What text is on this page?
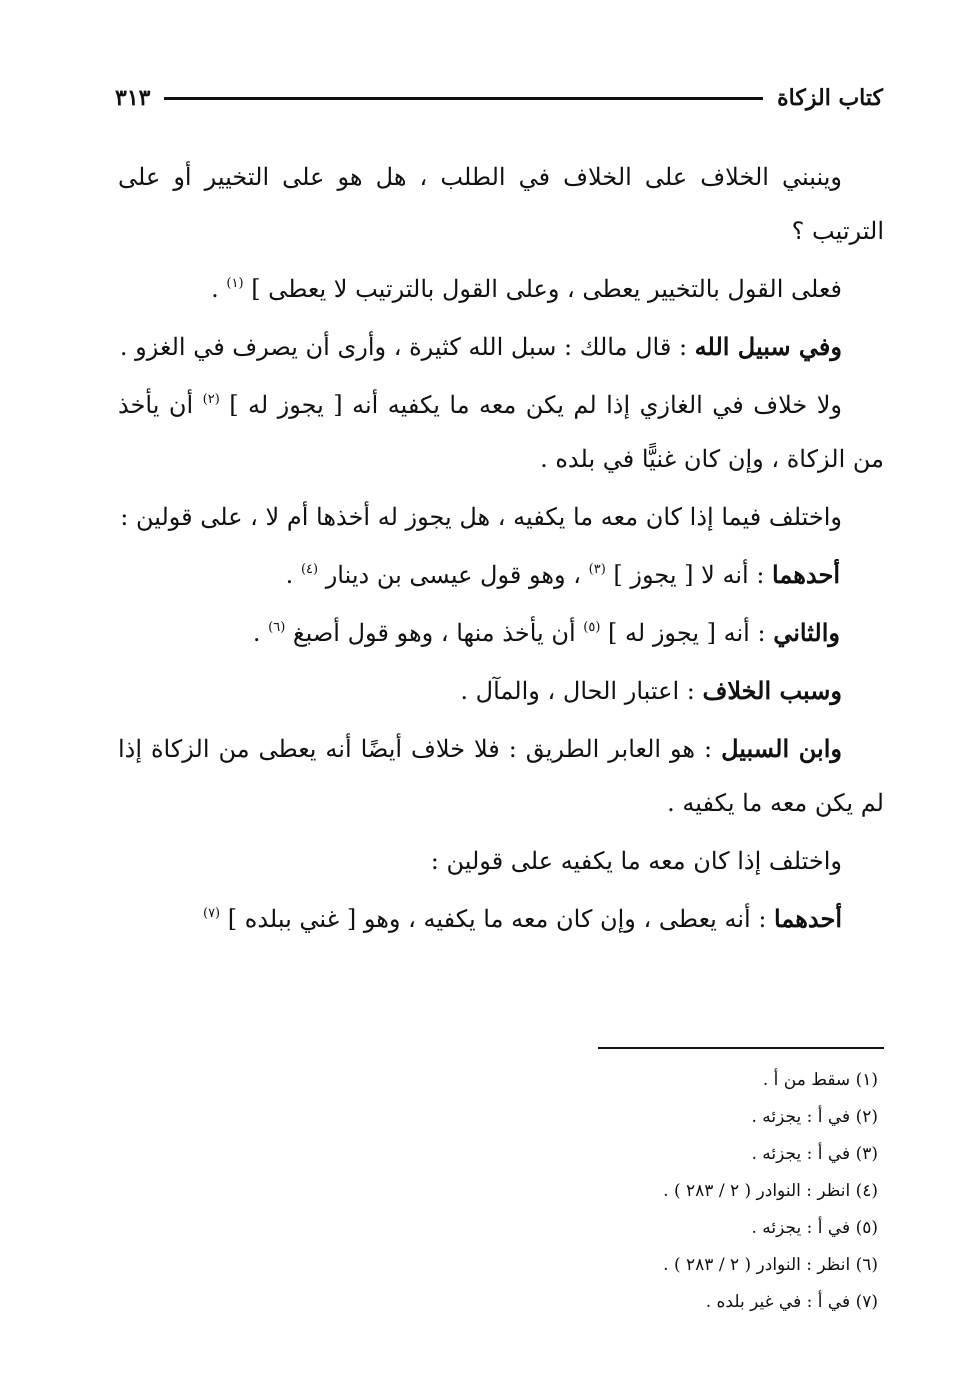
كتاب الزكاة
٣١٣

وينبني الخلاف على الخلاف في الطلب ، هل هو على التخيير أو على الترتيب ؟

فعلى القول بالتخيير يعطى ، وعلى القول بالترتيب لا يعطى ] $^{(١)}$ .

وفي سبيل الله : قال مالك : سبل الله كثيرة ، وأرى أن يصرف في الغزو .

ولا خلاف في الغازي إذا لم يكن معه ما يكفيه أنه [ يجوز له ] $^{(٢)}$ أن يأخذ من الزكاة ، وإن كان غنيًّا في بلده .

واختلف فيما إذا كان معه ما يكفيه ، هل يجوز له أخذها أم لا ، على قولين :

أحدهما : أنه لا [ يجوز ] $^{(٣)}$ ، وهو قول عيسى بن دينار $^{(٤)}$ .

والثاني : أنه [ يجوز له ] $^{(٥)}$ أن يأخذ منها ، وهو قول أصبغ $^{(٦)}$ .

وسبب الخلاف : اعتبار الحال ، والمآل .

وابن السبيل : هو العابر الطريق : فلا خلاف أيضًا أنه يعطى من الزكاة إذا لم يكن معه ما يكفيه .

واختلف إذا كان معه ما يكفيه على قولين :

أحدهما : أنه يعطى ، وإن كان معه ما يكفيه ، وهو [ غني ببلده ] $^{(٧)}$

(١) سقط من أ .
(٢) في أ : يجزئه .
(٣) في أ : يجزئه .
(٤) انظر : النوادر ( ٢ / ٢٨٣ ) .
(٥) في أ : يجزئه .
(٦) انظر : النوادر ( ٢ / ٢٨٣ ) .
(٧) في أ : في غير بلده .
